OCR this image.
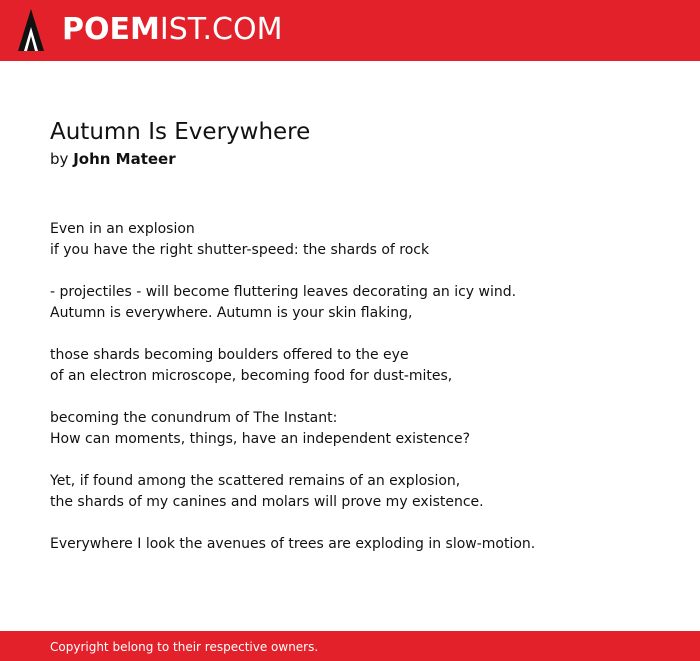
POEMIST.COM
Autumn Is Everywhere
by John Mateer
Even in an explosion
if you have the right shutter-speed: the shards of rock
- projectiles - will become fluttering leaves decorating an icy wind.
Autumn is everywhere. Autumn is your skin flaking,
those shards becoming boulders offered to the eye
of an electron microscope, becoming food for dust-mites,
becoming the conundrum of The Instant:
How can moments, things, have an independent existence?
Yet, if found among the scattered remains of an explosion,
the shards of my canines and molars will prove my existence.
Everywhere I look the avenues of trees are exploding in slow-motion.
Copyright belong to their respective owners.
